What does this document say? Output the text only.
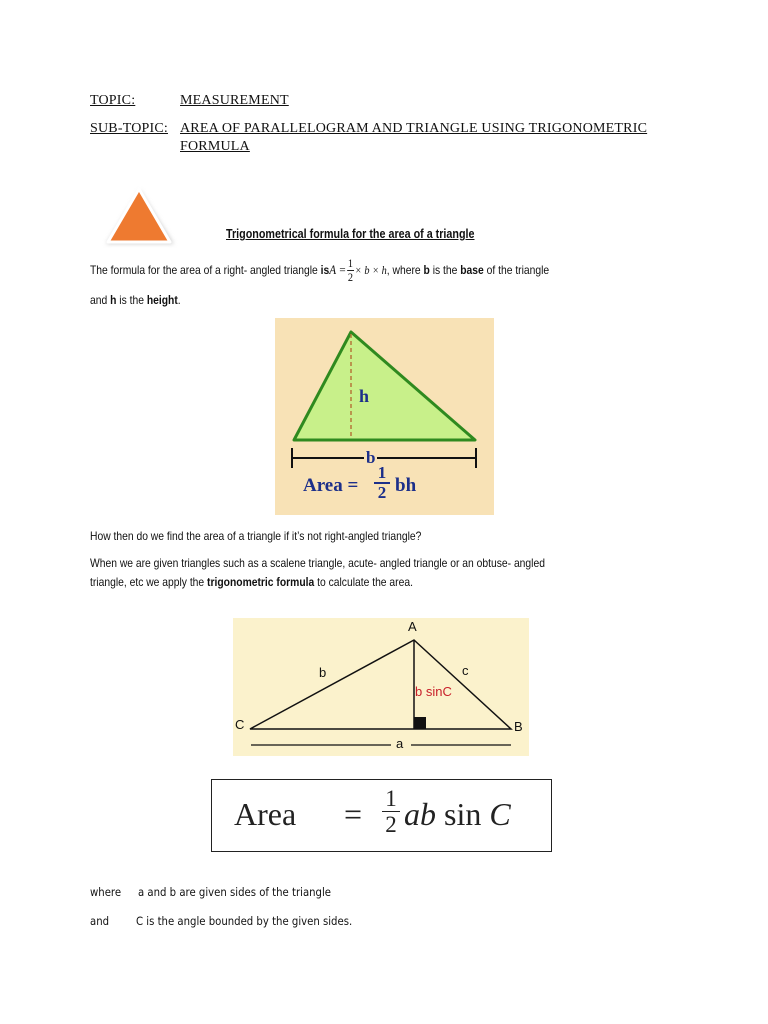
TOPIC:	MEASUREMENT
SUB-TOPIC: AREA OF PARALLELOGRAM AND TRIANGLE USING TRIGONOMETRIC
FORMULA
Trigonometrical formula for the area of a triangle
The formula for the area of a right- angled triangle isA = $\frac{1}{2} \times b \times h$, where b is the base of the triangle
and h is the height.
h
b
Area =
1
2 bh
How then do we find the area of a triangle if it’s not right-angled triangle?
When we are given triangles such as a scalene triangle, acute- angled triangle or an obtuse- angled
triangle, etc we apply the trigonometric formula to calculate the area.
A
B
C
b	c
a
b sinC
Area = 1
2 ab sin C
where a and b are given sides of the triangle
and C is the angle bounded by the given sides.
